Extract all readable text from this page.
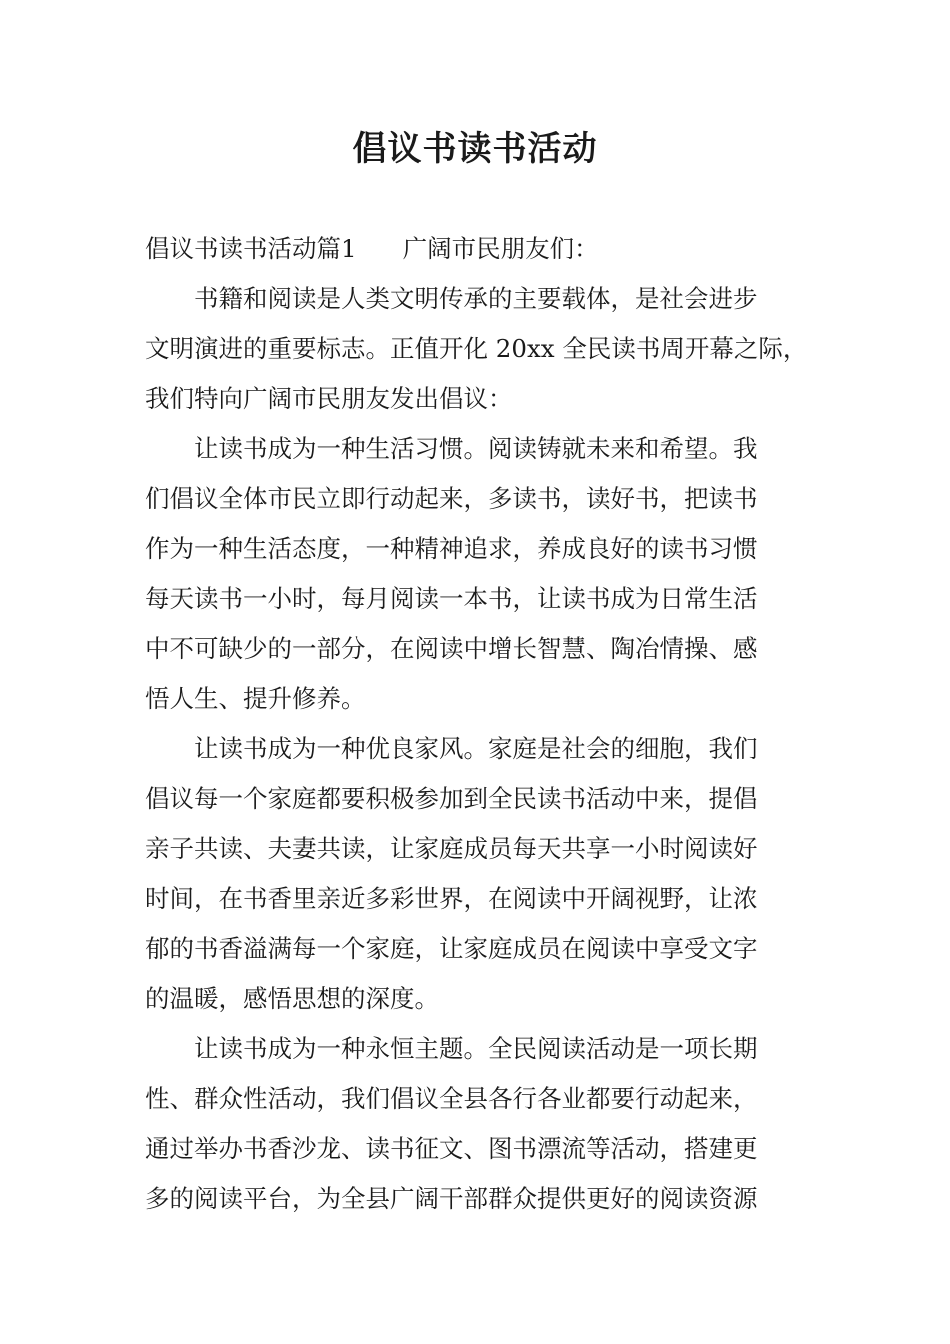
倡议书读书活动
倡议书读书活动篇1 广阔市民朋友们：
　　书籍和阅读是人类文明传承的主要载体，是社会进步
文明演进的重要标志。正值开化 20xx 全民读书周开幕之际，
我们特向广阔市民朋友发出倡议：
　　让读书成为一种生活习惯。阅读铸就未来和希望。我
们倡议全体市民立即行动起来，多读书，读好书，把读书
作为一种生活态度，一种精神追求，养成良好的读书习惯
每天读书一小时，每月阅读一本书，让读书成为日常生活
中不可缺少的一部分，在阅读中增长智慧、陶冶情操、感
悟人生、提升修养。
　　让读书成为一种优良家风。家庭是社会的细胞，我们
倡议每一个家庭都要积极参加到全民读书活动中来，提倡
亲子共读、夫妻共读，让家庭成员每天共享一小时阅读好
时间，在书香里亲近多彩世界，在阅读中开阔视野，让浓
郁的书香溢满每一个家庭，让家庭成员在阅读中享受文字
的温暖，感悟思想的深度。
　　让读书成为一种永恒主题。全民阅读活动是一项长期
性、群众性活动，我们倡议全县各行各业都要行动起来，
通过举办书香沙龙、读书征文、图书漂流等活动，搭建更
多的阅读平台，为全县广阔干部群众提供更好的阅读资源
